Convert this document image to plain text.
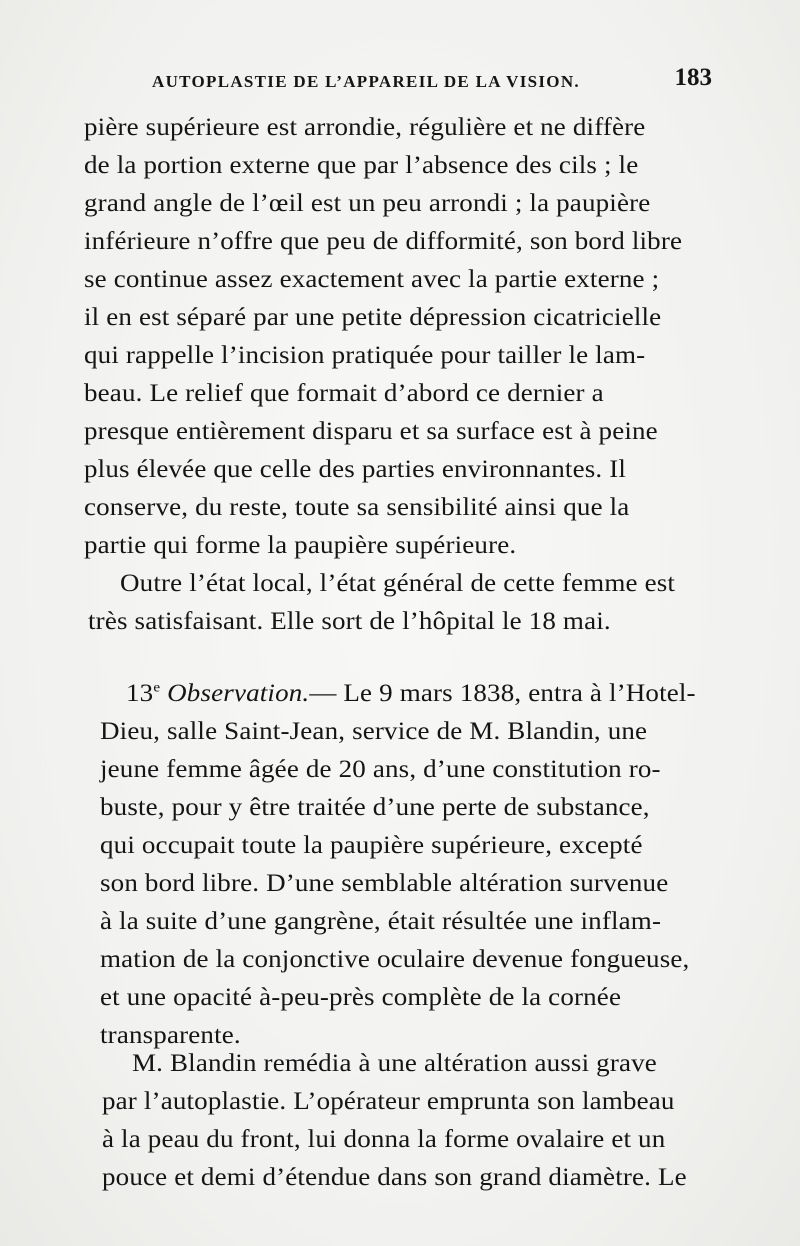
AUTOPLASTIE DE L’APPAREIL DE LA VISION.	183
pière supérieure est arrondie, régulière et ne diffère
de la portion externe que par l’absence des cils ; le
grand angle de l’œil est un peu arrondi ; la paupière
inférieure n’offre que peu de difformité, son bord libre
se continue assez exactement avec la partie externe ;
il en est séparé par une petite dépression cicatricielle
qui rappelle l’incision pratiquée pour tailler le lam-
beau. Le relief que formait d’abord ce dernier a
presque entièrement disparu et sa surface est à peine
plus élevée que celle des parties environnantes. Il
conserve, du reste, toute sa sensibilité ainsi que la
partie qui forme la paupière supérieure.
Outre l’état local, l’état général de cette femme est
très satisfaisant. Elle sort de l’hôpital le 18 mai.
13e Observation.— Le 9 mars 1838, entra à l’Hotel-
Dieu, salle Saint-Jean, service de M. Blandin, une
jeune femme âgée de 20 ans, d’une constitution ro-
buste, pour y être traitée d’une perte de substance,
qui occupait toute la paupière supérieure, excepté
son bord libre. D’une semblable altération survenue
à la suite d’une gangrène, était résultée une inflam-
mation de la conjonctive oculaire devenue fongueuse,
et une opacité à-peu-près complète de la cornée
transparente.
M. Blandin remédia à une altération aussi grave
par l’autoplastie. L’opérateur emprunta son lambeau
à la peau du front, lui donna la forme ovalaire et un
pouce et demi d’étendue dans son grand diamètre. Le
